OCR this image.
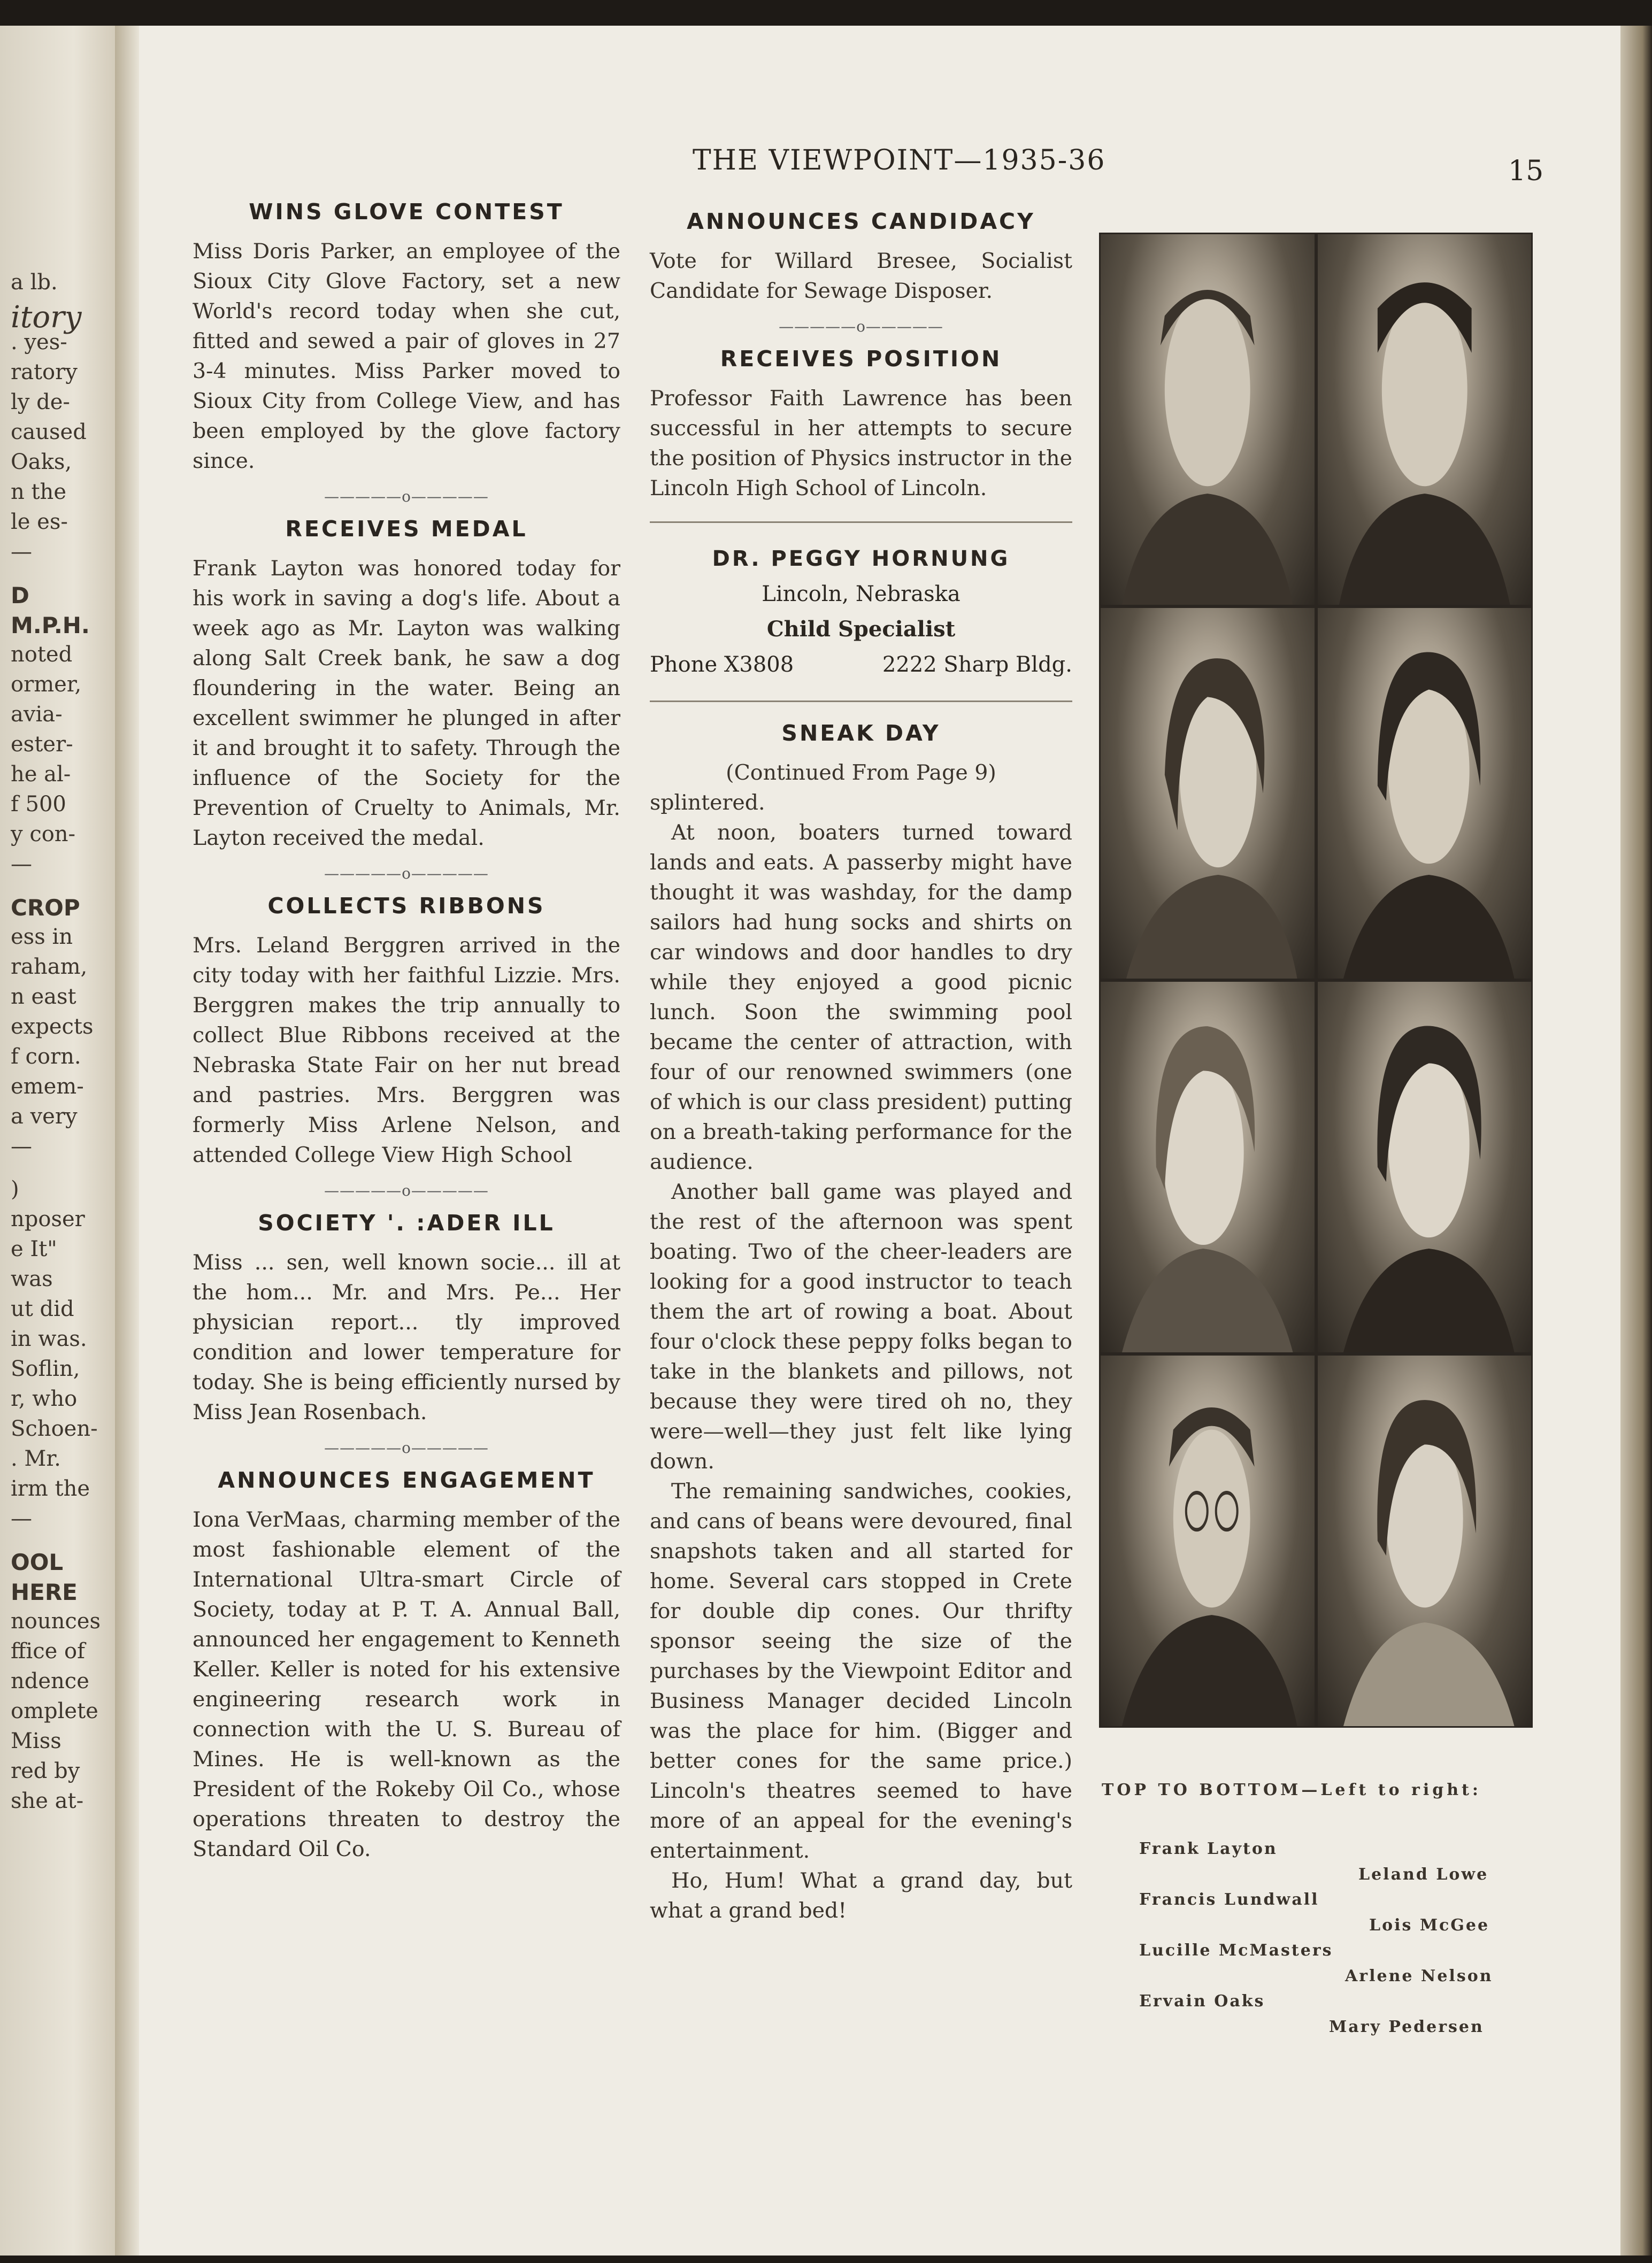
a lb.
itory
. yes-
ratory
ly de-
caused
Oaks,
n the
le es-
—
D
M.P.H.
noted
ormer,
avia-
ester-
he al-
f 500
y con-
—
CROP
ess in
raham,
n east
expects
f corn.
emem-
a very
—
)
nposer
e It"
was
ut did
in was.
Soflin,
r, who
Schoen-
. Mr.
irm the
—
OOL
HERE
nounces
ffice of
ndence
omplete
Miss
red by
she at-
THE VIEWPOINT—1935-36	15
WINS GLOVE CONTEST

Miss Doris Parker, an employee of the Sioux City Glove Factory, set a new World's record today when she cut, fitted and sewed a pair of gloves in 27 3-4 minutes. Miss Parker moved to Sioux City from College View, and has been employed by the glove factory since.

—————o—————
RECEIVES MEDAL

Frank Layton was honored today for his work in saving a dog's life. About a week ago as Mr. Layton was walking along Salt Creek bank, he saw a dog floundering in the water. Being an excellent swimmer he plunged in after it and brought it to safety. Through the influence of the Society for the Prevention of Cruelty to Animals, Mr. Layton received the medal.

—————o—————
COLLECTS RIBBONS

Mrs. Leland Berggren arrived in the city today with her faithful Lizzie. Mrs. Berggren makes the trip annually to collect Blue Ribbons received at the Nebraska State Fair on her nut bread and pastries. Mrs. Berggren was formerly Miss Arlene Nelson, and attended College View High School

—————o—————
SOCIETY '. :ADER ILL

Miss ... sen, well known socie... ill at the hom... Mr. and Mrs. Pe... Her physician report... tly improved condition and lower temperature for today. She is being efficiently nursed by Miss Jean Rosenbach.

—————o—————
ANNOUNCES ENGAGEMENT

Iona VerMaas, charming member of the most fashionable element of the International Ultra-smart Circle of Society, today at P. T. A. Annual Ball, announced her engagement to Kenneth Keller. Keller is noted for his extensive engineering research work in connection with the U. S. Bureau of Mines. He is well-known as the President of the Rokeby Oil Co., whose operations threaten to destroy the Standard Oil Co.

ANNOUNCES CANDIDACY

Vote for Willard Bresee, Socialist Candidate for Sewage Disposer.

—————o—————
RECEIVES POSITION

Professor Faith Lawrence has been successful in her attempts to secure the position of Physics instructor in the Lincoln High School of Lincoln.

DR. PEGGY HORNUNG
Lincoln, Nebraska
Child Specialist
Phone X3808	2222 Sharp Bldg.
SNEAK DAY

(Continued From Page 9)

splintered.

At noon, boaters turned toward lands and eats. A passerby might have thought it was washday, for the damp sailors had hung socks and shirts on car windows and door handles to dry while they enjoyed a good picnic lunch. Soon the swimming pool became the center of attraction, with four of our renowned swimmers (one of which is our class president) putting on a breath-taking performance for the audience.

Another ball game was played and the rest of the afternoon was spent boating. Two of the cheer-leaders are looking for a good instructor to teach them the art of rowing a boat. About four o'clock these peppy folks began to take in the blankets and pillows, not because they were tired oh no, they were—well—they just felt like lying down.

The remaining sandwiches, cookies, and cans of beans were devoured, final snapshots taken and all started for home. Several cars stopped in Crete for double dip cones. Our thrifty sponsor seeing the size of the purchases by the Viewpoint Editor and Business Manager decided Lincoln was the place for him. (Bigger and better cones for the same price.) Lincoln's theatres seemed to have more of an appeal for the evening's entertainment.

Ho, Hum! What a grand day, but what a grand bed!

TOP TO BOTTOM—Left to right:
Frank Layton
Francis Lundwall
Lucille McMasters
Ervain Oaks
Leland Lowe
Lois McGee
Arlene Nelson
Mary Pedersen
